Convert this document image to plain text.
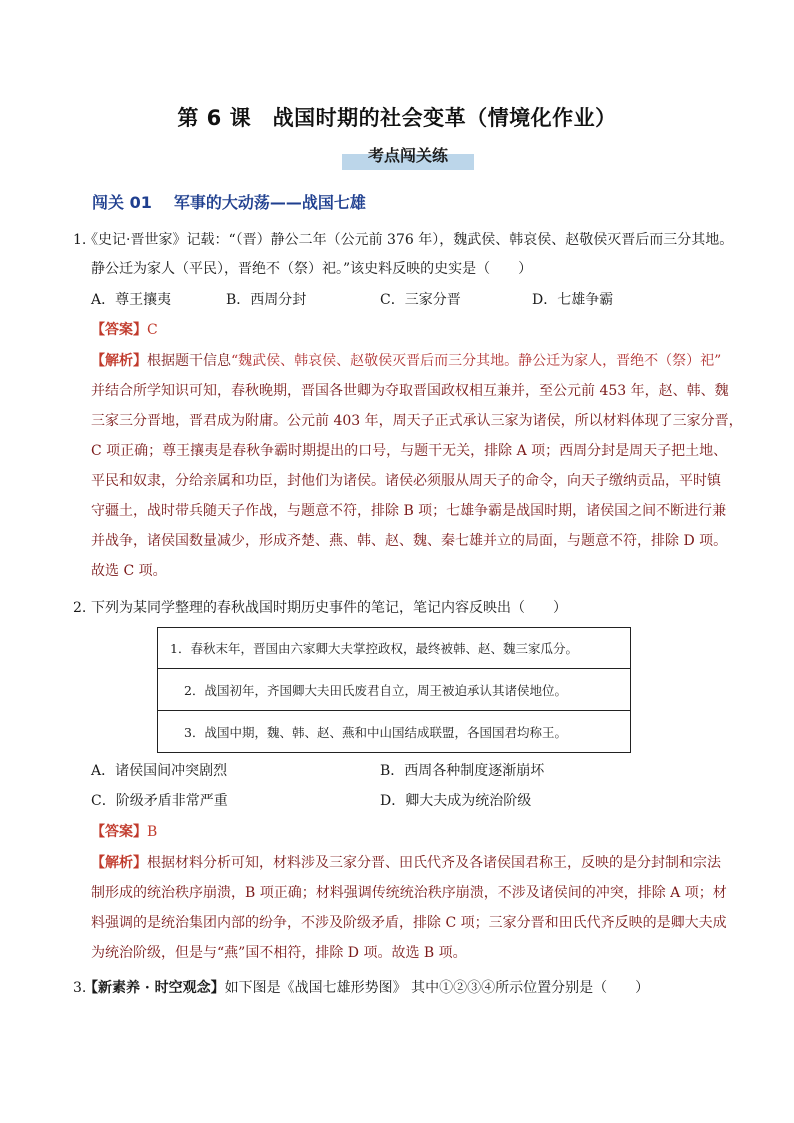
第 6 课　战国时期的社会变革（情境化作业）
考点闯关练
闯关 01 军事的大动荡——战国七雄
1.
《史记·晋世家》记载：“（晋）静公二年（公元前 376 年），魏武侯、韩哀侯、赵敬侯灭晋后而三分其地。
静公迁为家人（平民），晋绝不（祭）祀。”该史料反映的史实是（　　）
A．尊王攘夷	B．西周分封	C．三家分晋	D．七雄争霸
【答案】C
【解析】根据题干信息“魏武侯、韩哀侯、赵敬侯灭晋后而三分其地。静公迁为家人，晋绝不（祭）祀”
并结合所学知识可知，春秋晚期，晋国各世卿为夺取晋国政权相互兼并，至公元前 453 年，赵、韩、魏
三家三分晋地，晋君成为附庸。公元前 403 年，周天子正式承认三家为诸侯，所以材料体现了三家分晋，
C 项正确；尊王攘夷是春秋争霸时期提出的口号，与题干无关，排除 A 项；西周分封是周天子把土地、
平民和奴隶，分给亲属和功臣，封他们为诸侯。诸侯必须服从周天子的命令，向天子缴纳贡品，平时镇
守疆土，战时带兵随天子作战，与题意不符，排除 B 项；七雄争霸是战国时期，诸侯国之间不断进行兼
并战争，诸侯国数量减少，形成齐楚、燕、韩、赵、魏、秦七雄并立的局面，与题意不符，排除 D 项。
故选 C 项。
2. 下列为某同学整理的春秋战国时期历史事件的笔记，笔记内容反映出（　　）
1．春秋末年，晋国由六家卿大夫掌控政权，最终被韩、赵、魏三家瓜分。
2．战国初年，齐国卿大夫田氏废君自立，周王被迫承认其诸侯地位。
3．战国中期，魏、韩、赵、燕和中山国结成联盟，各国国君均称王。
A．诸侯国间冲突剧烈	B．西周各种制度逐渐崩坏
C．阶级矛盾非常严重	D．卿大夫成为统治阶级
【答案】B
【解析】根据材料分析可知，材料涉及三家分晋、田氏代齐及各诸侯国君称王，反映的是分封制和宗法
制形成的统治秩序崩溃，B 项正确；材料强调传统统治秩序崩溃，不涉及诸侯间的冲突，排除 A 项；材
料强调的是统治集团内部的纷争，不涉及阶级矛盾，排除 C 项；三家分晋和田氏代齐反映的是卿大夫成
为统治阶级，但是与“燕”国不相符，排除 D 项。故选 B 项。
3.
【新素养 · 时空观念】如下图是《战国七雄形势图》 其中①②③④所示位置分别是（　　）
